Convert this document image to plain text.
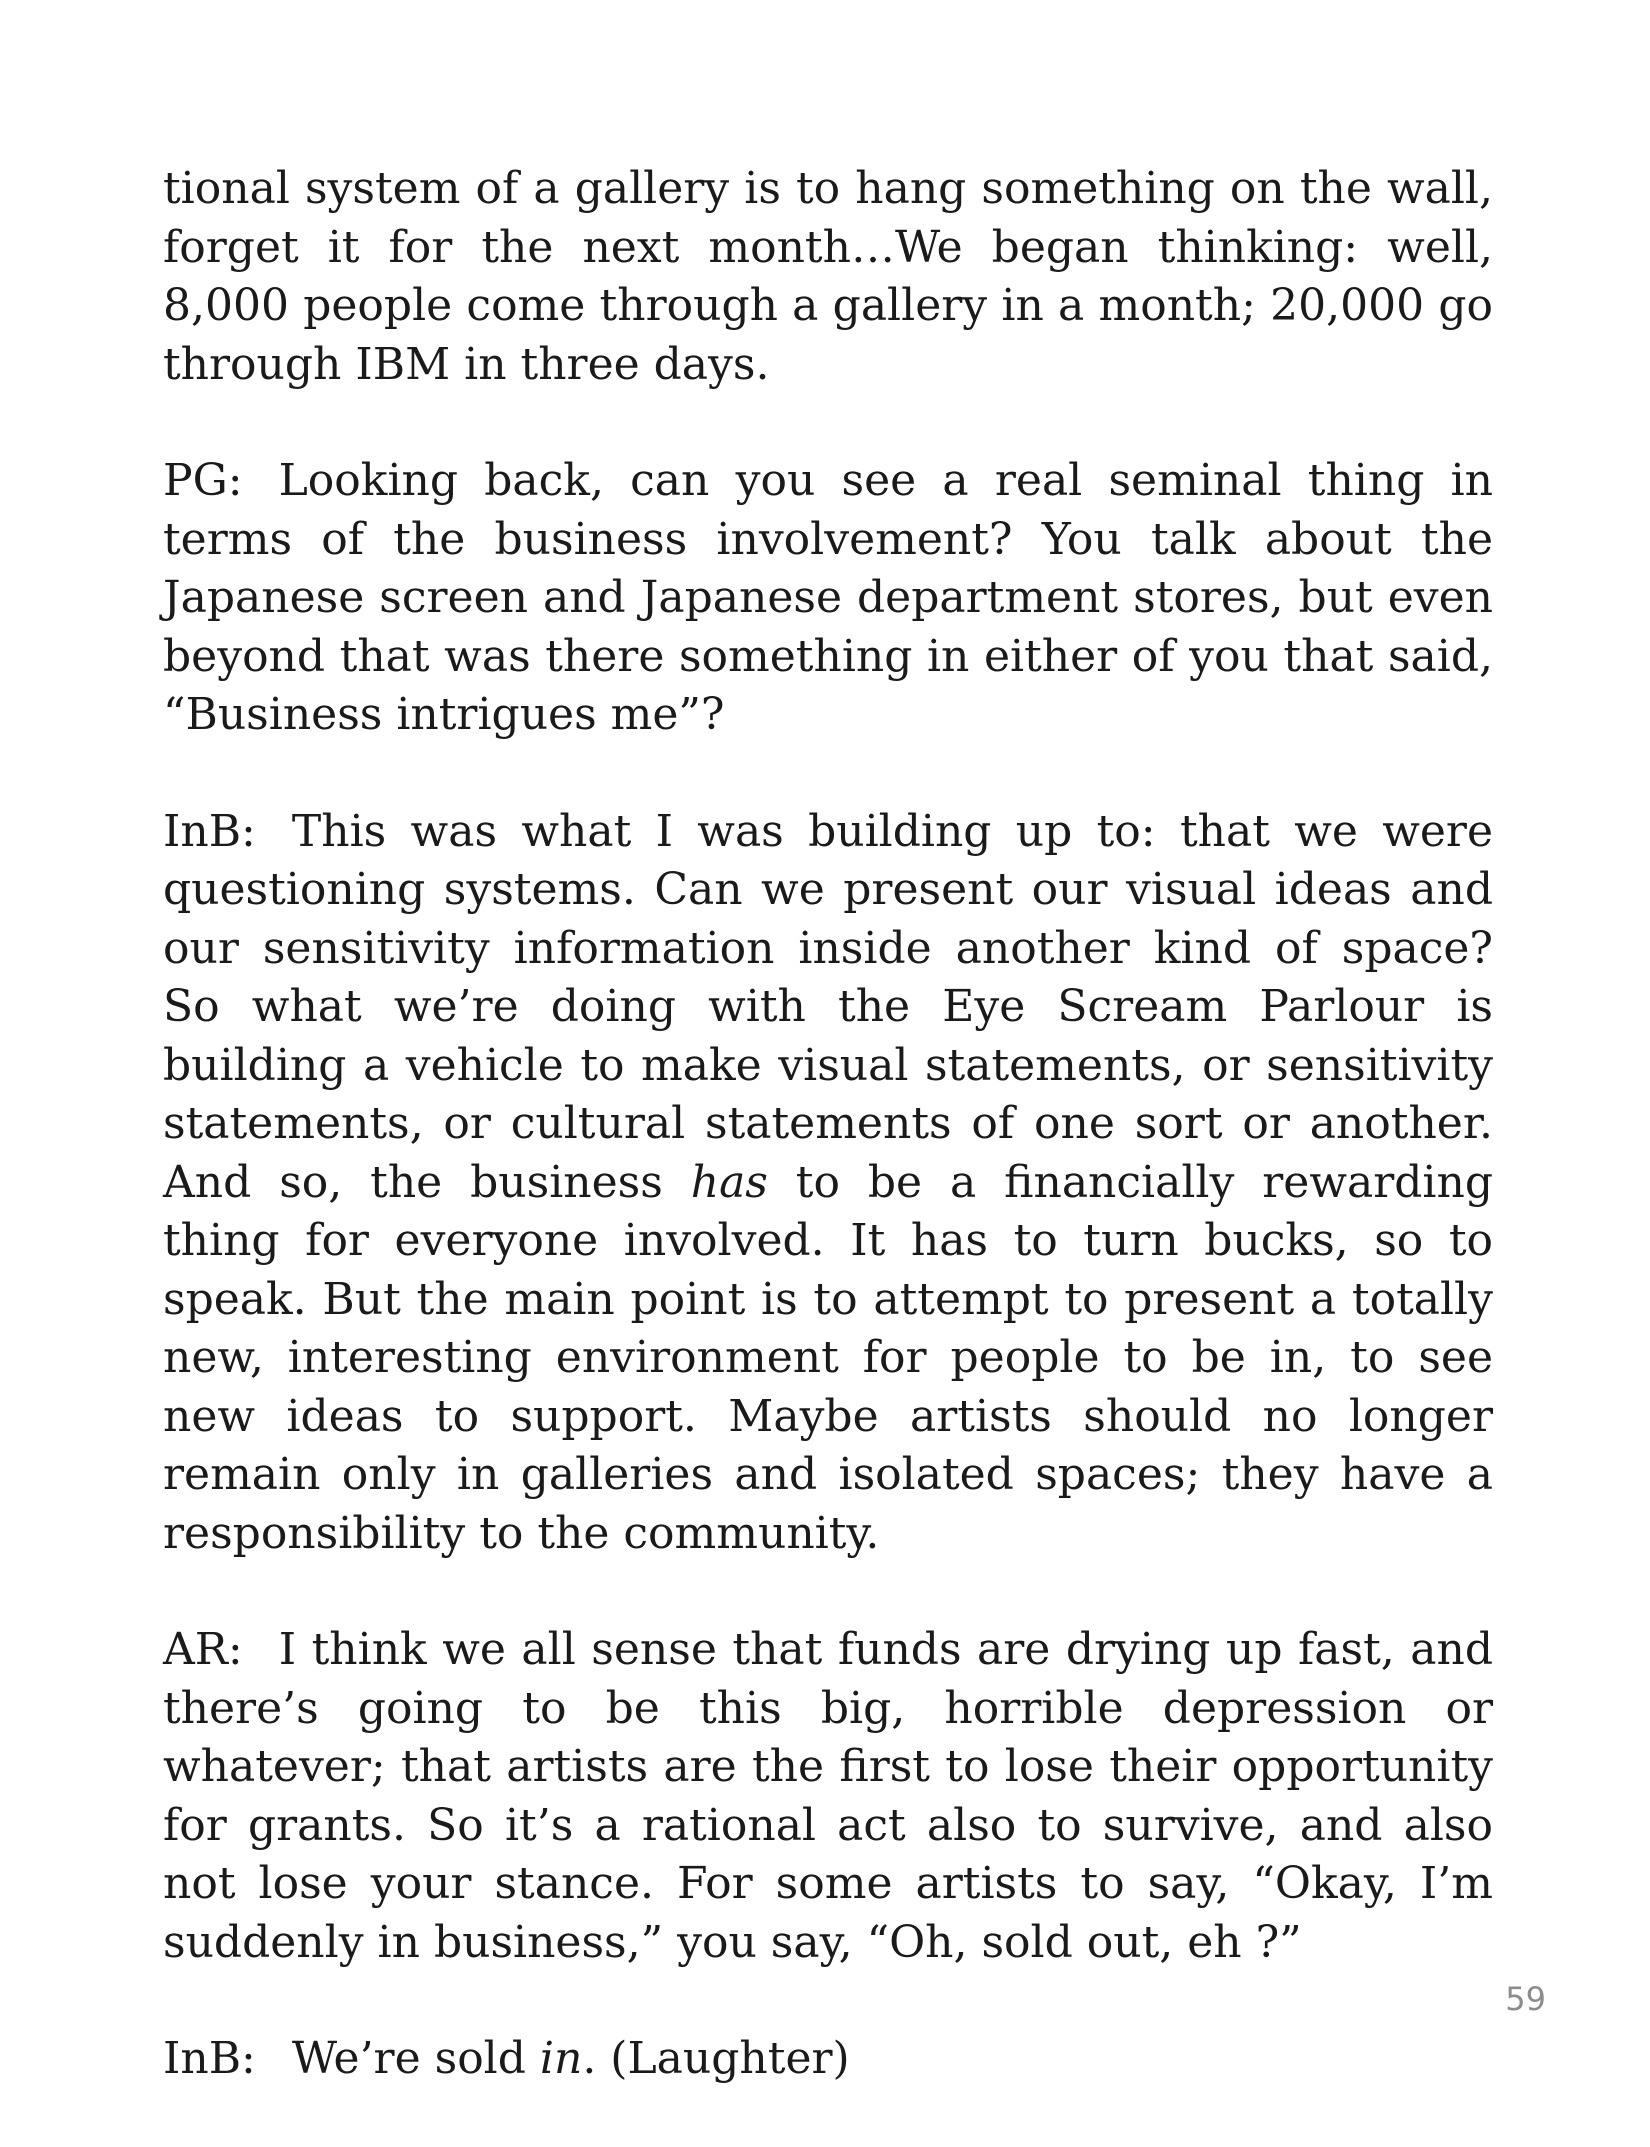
tional system of a gallery is to hang something on the wall, forget it for the next month…We began thinking: well, 8,000 people come through a gallery in a month; 20,000 go through IBM in three days.

PG: Looking back, can you see a real seminal thing in terms of the business involvement? You talk about the Japanese screen and Japanese department stores, but even beyond that was there something in either of you that said, “Business intrigues me”?

InB: This was what I was building up to: that we were questioning systems. Can we present our visual ideas and our sensitivity information inside another kind of space? So what we’re doing with the Eye Scream Parlour is building a vehicle to make visual statements, or sensitivity statements, or cultural statements of one sort or another. And so, the business has to be a financially rewarding thing for everyone involved. It has to turn bucks, so to speak. But the main point is to attempt to present a totally new, interesting environment for people to be in, to see new ideas to support. Maybe artists should no longer remain only in galleries and isolated spaces; they have a responsibility to the community.

AR: I think we all sense that funds are drying up fast, and there’s going to be this big, horrible depression or whatever; that artists are the first to lose their opportunity for grants. So it’s a rational act also to survive, and also not lose your stance. For some artists to say, “Okay, I’m suddenly in business,” you say, “Oh, sold out, eh ?”

InB: We’re sold in. (Laughter)

59
